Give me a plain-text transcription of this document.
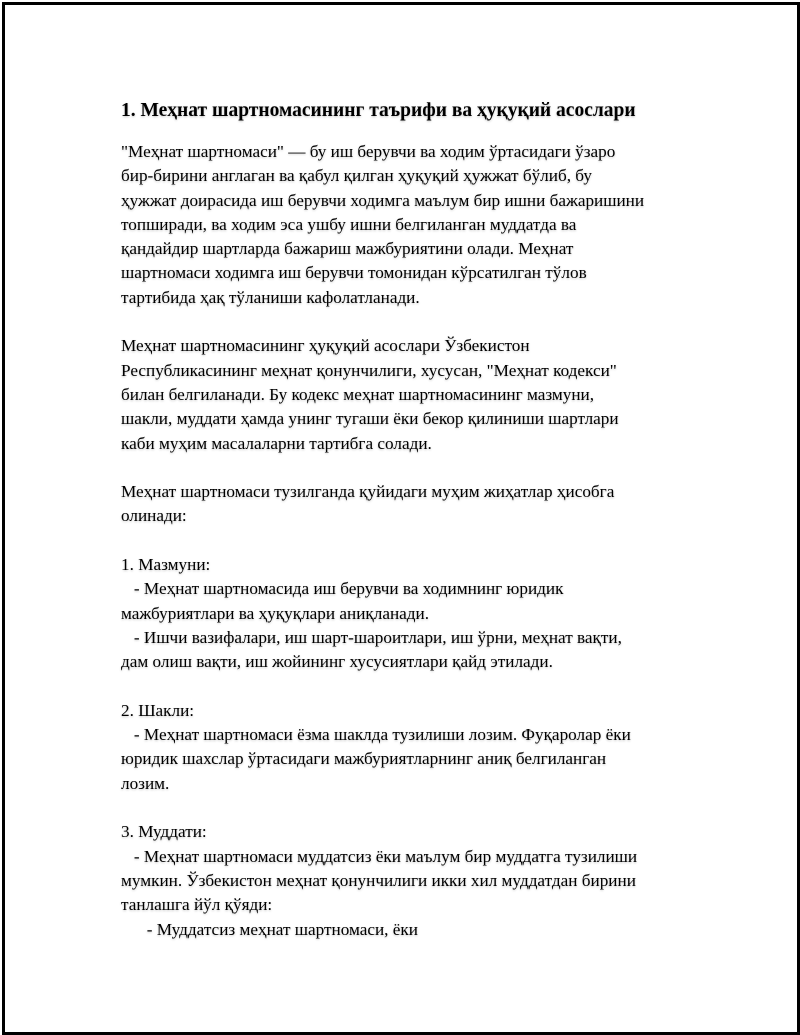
1. Меҳнат шартномасининг таърифи ва ҳуқуқий асослари
"Меҳнат шартномаси" — бу иш берувчи ва ходим ўртасидаги ўзаро
бир-бирини англаган ва қабул қилган ҳуқуқий ҳужжат бўлиб, бу
ҳужжат доирасида иш берувчи ходимга маълум бир ишни бажаришини
топширади, ва ходим эса ушбу ишни белгиланган муддатда ва
қандайдир шартларда бажариш мажбуриятини олади. Меҳнат
шартномаси ходимга иш берувчи томонидан кўрсатилган тўлов
тартибида ҳақ тўланиши кафолатланади.
Меҳнат шартномасининг ҳуқуқий асослари Ўзбекистон
Республикасининг меҳнат қонунчилиги, хусусан, "Меҳнат кодекси"
билан белгиланади. Бу кодекс меҳнат шартномасининг мазмуни,
шакли, муддати ҳамда унинг тугаши ёки бекор қилиниши шартлари
каби муҳим масалаларни тартибга солади.
Меҳнат шартномаси тузилганда қуйидаги муҳим жиҳатлар ҳисобга
олинади:
1. Мазмуни:
- Меҳнат шартномасида иш берувчи ва ходимнинг юридик
мажбуриятлари ва ҳуқуқлари аниқланади.
- Ишчи вазифалари, иш шарт-шароитлари, иш ўрни, меҳнат вақти,
дам олиш вақти, иш жойининг хусусиятлари қайд этилади.
2. Шакли:
- Меҳнат шартномаси ёзма шаклда тузилиши лозим. Фуқаролар ёки
юридик шахслар ўртасидаги мажбуриятларнинг аниқ белгиланган
лозим.
3. Муддати:
- Меҳнат шартномаси муддатсиз ёки маълум бир муддатга тузилиши
мумкин. Ўзбекистон меҳнат қонунчилиги икки хил муддатдан бирини
танлашга йўл қўяди:
- Муддатсиз меҳнат шартномаси, ёки
